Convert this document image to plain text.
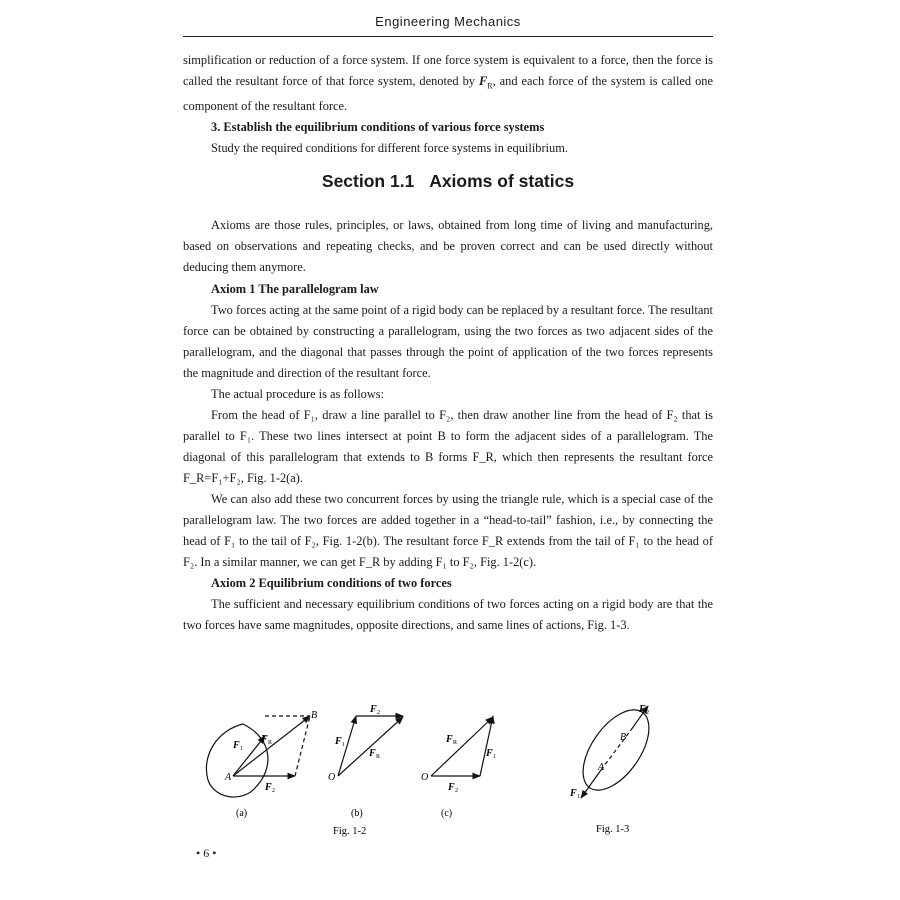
Engineering Mechanics

simplification or reduction of a force system. If one force system is equivalent to a force, then the force is called the resultant force of that force system, denoted by $F_R$, and each force of the system is called one component of the resultant force.

3. Establish the equilibrium conditions of various force systems

Study the required conditions for different force systems in equilibrium.

Section 1.1 Axioms of statics

Axioms are those rules, principles, or laws, obtained from long time of living and manufacturing, based on observations and repeating checks, and be proven correct and can be used directly without deducing them anymore.

Axiom 1 The parallelogram law

Two forces acting at the same point of a rigid body can be replaced by a resultant force. The resultant force can be obtained by constructing a parallelogram, using the two forces as two adjacent sides of the parallelogram, and the diagonal that passes through the point of application of the two forces represents the magnitude and direction of the resultant force.

The actual procedure is as follows:

From the head of F₁, draw a line parallel to F₂, then draw another line from the head of F₂ that is parallel to F₁. These two lines intersect at point B to form the adjacent sides of a parallelogram. The diagonal of this parallelogram that extends to B forms F_R, which then represents the resultant force F_R=F₁+F₂, Fig. 1-2(a).

We can also add these two concurrent forces by using the triangle rule, which is a special case of the parallelogram law. The two forces are added together in a “head-to-tail” fashion, i.e., by connecting the head of F₁ to the tail of F₂, Fig. 1-2(b). The resultant force F_R extends from the tail of F₁ to the head of F₂. In a similar manner, we can get F_R by adding F₁ to F₂, Fig. 1-2(c).

Axiom 2 Equilibrium conditions of two forces

The sufficient and necessary equilibrium conditions of two forces acting on a rigid body are that the two forces have same magnitudes, opposite directions, and same lines of actions, Fig. 1-3.

B
A
F 1
F R
F 2
(a)
O
F 1
F 2
F R
(b)
O
F R
F 1
F 2
(c)
Fig. 1-2
A
B
F 2
F 1
Fig. 1-3
• 6 •
